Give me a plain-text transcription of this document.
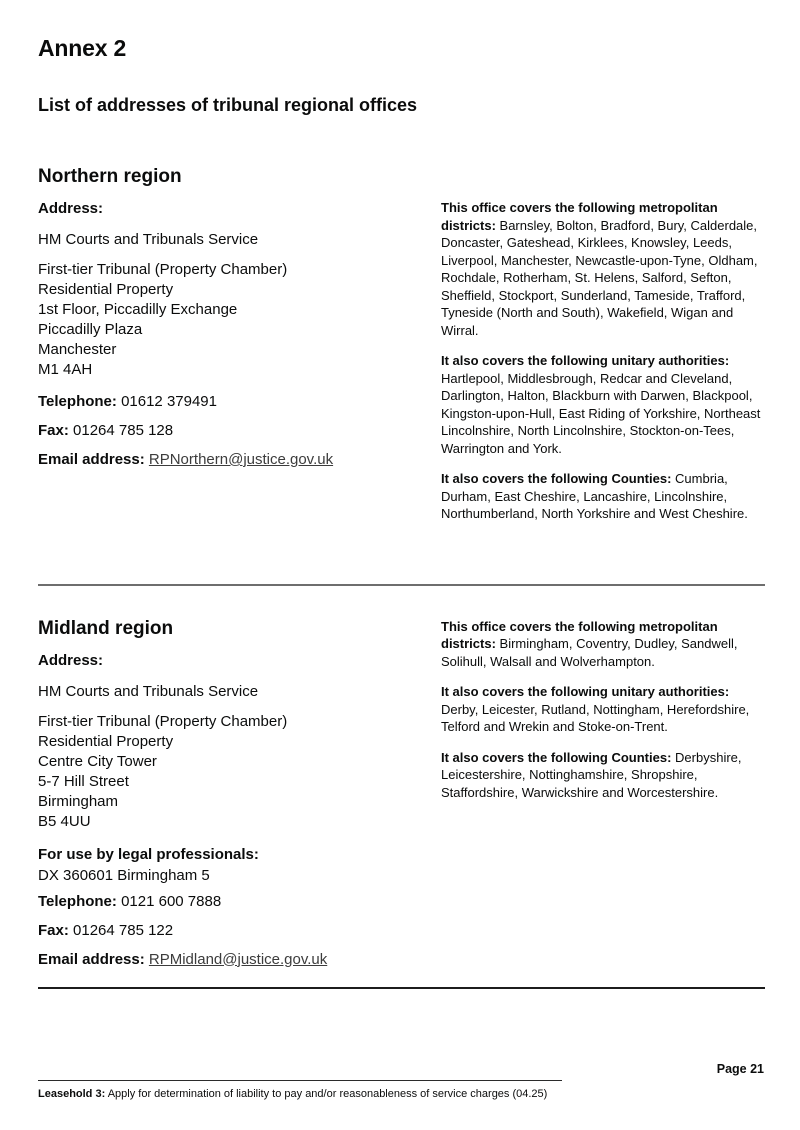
Annex 2
List of addresses of tribunal regional offices
Northern region

Address:

HM Courts and Tribunals Service

First-tier Tribunal (Property Chamber)
Residential Property
1st Floor, Piccadilly Exchange
Piccadilly Plaza
Manchester
M1 4AH

Telephone: 01612 379491

Fax: 01264 785 128

Email address: RPNorthern@justice.gov.uk

This office covers the following metropolitan districts: Barnsley, Bolton, Bradford, Bury, Calderdale, Doncaster, Gateshead, Kirklees, Knowsley, Leeds, Liverpool, Manchester, Newcastle-upon-Tyne, Oldham, Rochdale, Rotherham, St. Helens, Salford, Sefton, Sheffield, Stockport, Sunderland, Tameside, Trafford, Tyneside (North and South), Wakefield, Wigan and Wirral.

It also covers the following unitary authorities: Hartlepool, Middlesbrough, Redcar and Cleveland, Darlington, Halton, Blackburn with Darwen, Blackpool, Kingston-upon-Hull, East Riding of Yorkshire, Northeast Lincolnshire, North Lincolnshire, Stockton-on-Tees, Warrington and York.

It also covers the following Counties: Cumbria, Durham, East Cheshire, Lancashire, Lincolnshire, Northumberland, North Yorkshire and West Cheshire.

Midland region

Address:

HM Courts and Tribunals Service

First-tier Tribunal (Property Chamber)
Residential Property
Centre City Tower
5-7 Hill Street
Birmingham
B5 4UU
For use by legal professionals:
DX 360601 Birmingham 5

Telephone: 0121 600 7888

Fax: 01264 785 122

Email address: RPMidland@justice.gov.uk

This office covers the following metropolitan districts: Birmingham, Coventry, Dudley, Sandwell, Solihull, Walsall and Wolverhampton.

It also covers the following unitary authorities: Derby, Leicester, Rutland, Nottingham, Herefordshire, Telford and Wrekin and Stoke-on-Trent.

It also covers the following Counties: Derbyshire, Leicestershire, Nottinghamshire, Shropshire, Staffordshire, Warwickshire and Worcestershire.

Page 21

Leasehold 3: Apply for determination of liability to pay and/or reasonableness of service charges (04.25)
